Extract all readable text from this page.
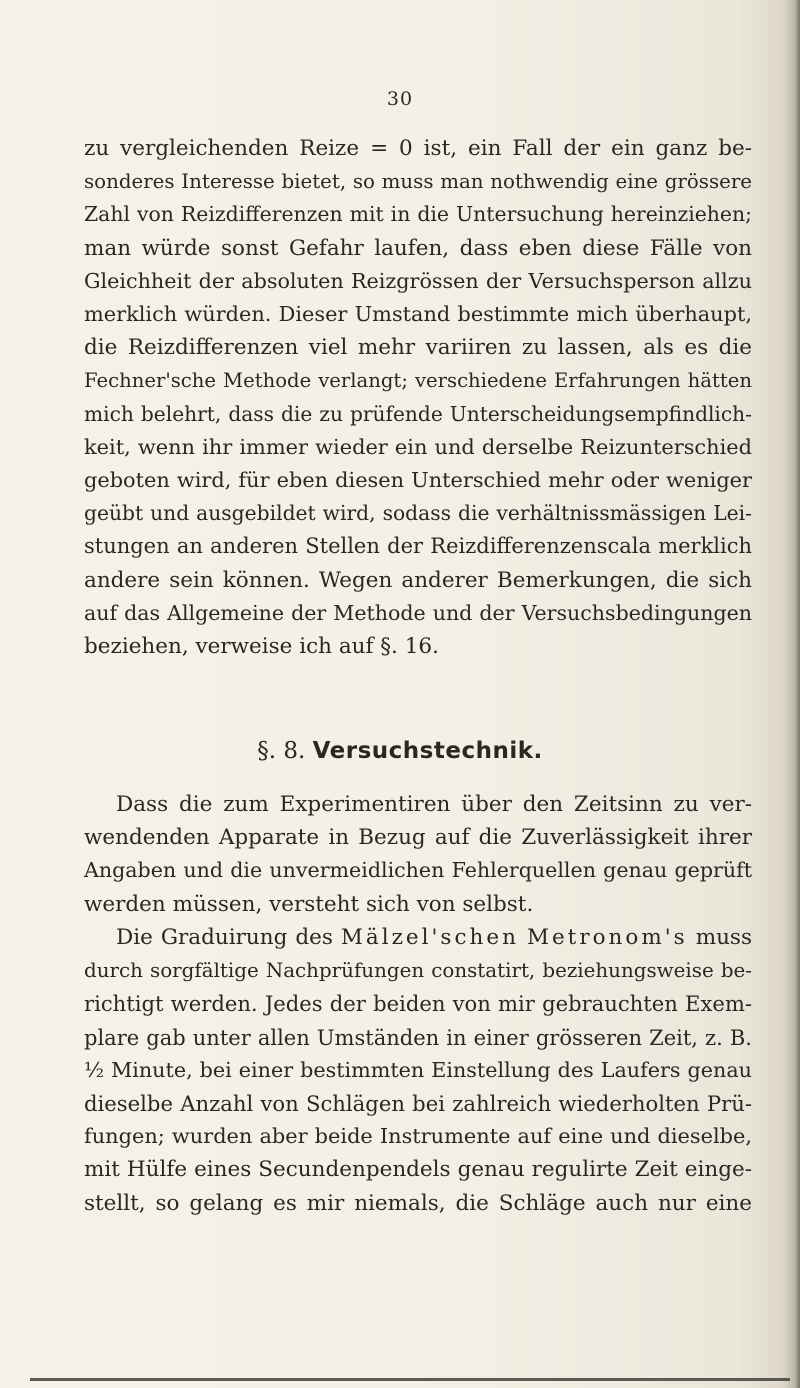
30
zu vergleichenden Reize = 0 ist, ein Fall der ein ganz be-
sonderes Interesse bietet, so muss man nothwendig eine grössere
Zahl von Reizdifferenzen mit in die Untersuchung hereinziehen;
man würde sonst Gefahr laufen, dass eben diese Fälle von
Gleichheit der absoluten Reizgrössen der Versuchsperson allzu
merklich würden. Dieser Umstand bestimmte mich überhaupt,
die Reizdifferenzen viel mehr variiren zu lassen, als es die
Fechner'sche Methode verlangt; verschiedene Erfahrungen hätten
mich belehrt, dass die zu prüfende Unterscheidungsempfindlich-
keit, wenn ihr immer wieder ein und derselbe Reizunterschied
geboten wird, für eben diesen Unterschied mehr oder weniger
geübt und ausgebildet wird, sodass die verhältnissmässigen Lei-
stungen an anderen Stellen der Reizdifferenzenscala merklich
andere sein können. Wegen anderer Bemerkungen, die sich
auf das Allgemeine der Methode und der Versuchsbedingungen
beziehen, verweise ich auf §. 16.
§. 8. Versuchstechnik.
Dass die zum Experimentiren über den Zeitsinn zu ver-
wendenden Apparate in Bezug auf die Zuverlässigkeit ihrer
Angaben und die unvermeidlichen Fehlerquellen genau geprüft
werden müssen, versteht sich von selbst.
Die Graduirung des Mälzel'schen Metronom's muss
durch sorgfältige Nachprüfungen constatirt, beziehungsweise be-
richtigt werden. Jedes der beiden von mir gebrauchten Exem-
plare gab unter allen Umständen in einer grösseren Zeit, z. B.
½ Minute, bei einer bestimmten Einstellung des Laufers genau
dieselbe Anzahl von Schlägen bei zahlreich wiederholten Prü-
fungen; wurden aber beide Instrumente auf eine und dieselbe,
mit Hülfe eines Secundenpendels genau regulirte Zeit einge-
stellt, so gelang es mir niemals, die Schläge auch nur eine
